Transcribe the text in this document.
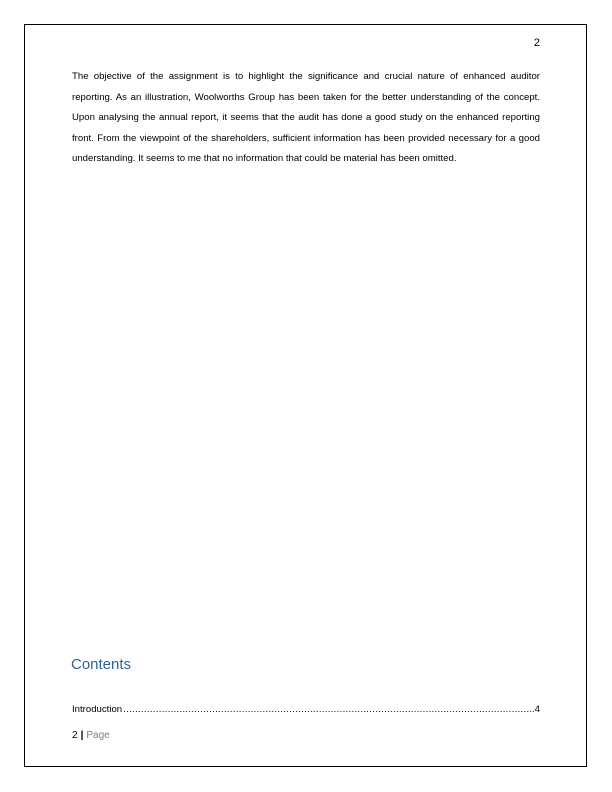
2

The objective of the assignment is to highlight the significance and crucial nature of enhanced auditor reporting. As an illustration, Woolworths Group has been taken for the better understanding of the concept. Upon analysing the annual report, it seems that the audit has done a good study on the enhanced reporting front. From the viewpoint of the shareholders, sufficient information has been provided necessary for a good understanding. It seems to me that no information that could be material has been omitted.

Contents
Introduction
.....	4
2 | Page
